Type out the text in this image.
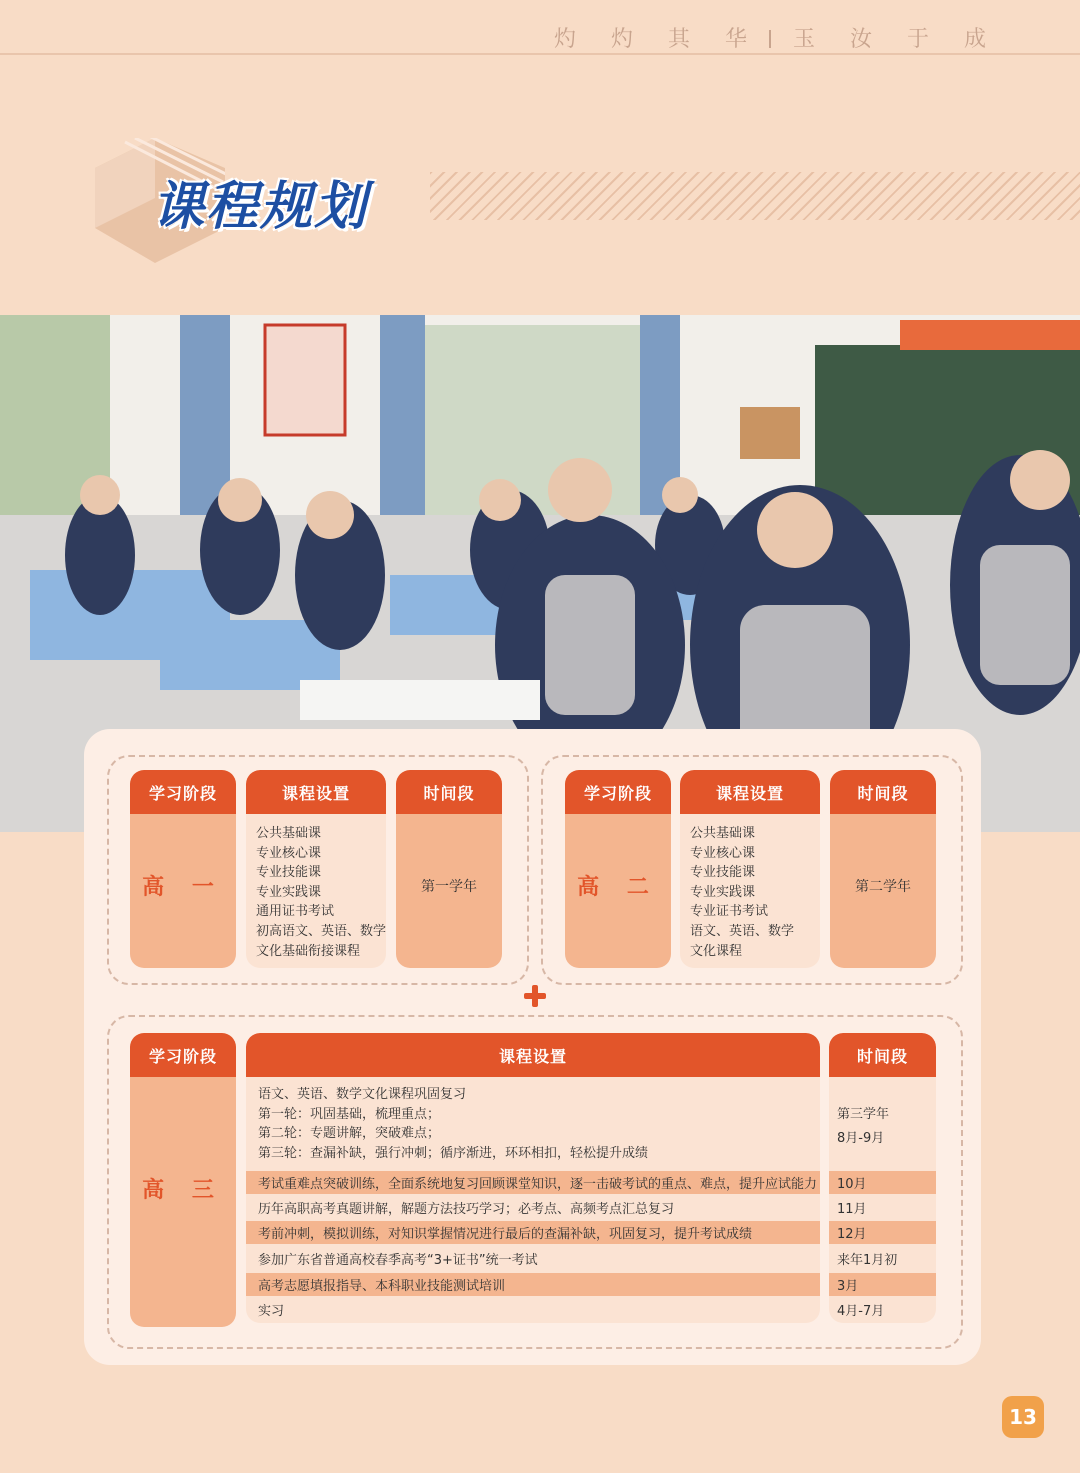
灼 灼 其 华 玉 汝 于 成
课程规划
学习阶段
高 一
课程设置
公共基础课
专业核心课
专业技能课
专业实践课
通用证书考试
初高语文、英语、数学
文化基础衔接课程
时间段
第一学年
学习阶段
高 二
课程设置
公共基础课
专业核心课
专业技能课
专业实践课
专业证书考试
语文、英语、数学
文化课程
时间段
第二学年
学习阶段
高 三
课程设置
语文、英语、数学文化课程巩固复习
第一轮：巩固基础，梳理重点；
第二轮：专题讲解，突破难点；
第三轮：查漏补缺，强行冲刺；循序渐进，环环相扣，轻松提升成绩
考试重难点突破训练，全面系统地复习回顾课堂知识，逐一击破考试的重点、难点，提升应试能力
历年高职高考真题讲解，解题方法技巧学习；必考点、高频考点汇总复习
考前冲刺，模拟训练，对知识掌握情况进行最后的查漏补缺，巩固复习，提升考试成绩
参加广东省普通高校春季高考“3+证书”统一考试
高考志愿填报指导、本科职业技能测试培训
实习
时间段
第三学年
8月-9月
10月
11月
12月
来年1月初
3月
4月-7月
13
